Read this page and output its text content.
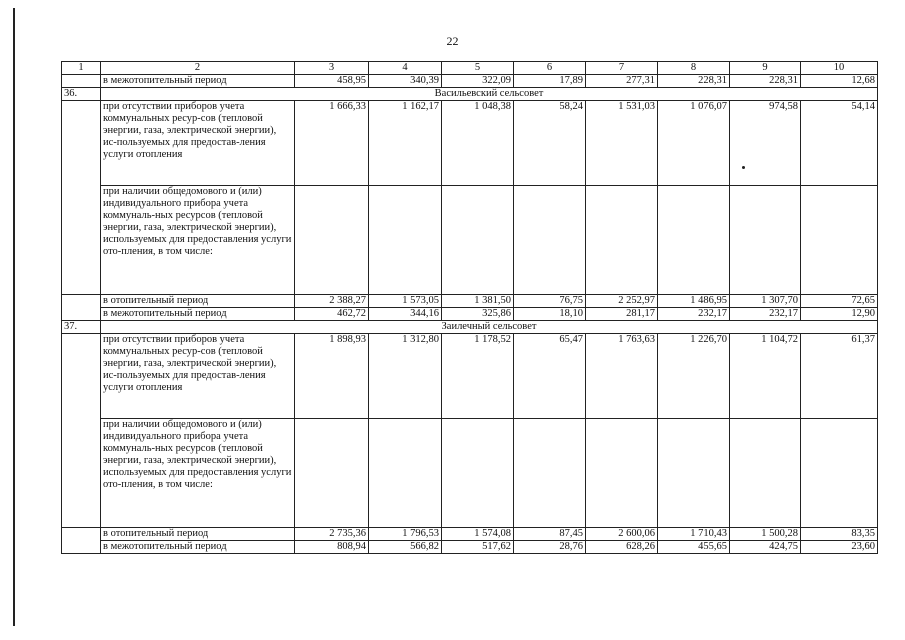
22
1	2	3	4	5	6	7	8	9	10
	в межотопительный период	458,95	340,39	322,09	17,89	277,31	228,31	228,31	12,68
36.	Васильевский сельсовет								
	при отсутствии приборов учета коммунальных ресур-сов (тепловой энергии, газа, электрической энергии), ис-пользуемых для предостав-ления услуги отопления	1 666,33	1 162,17	1 048,38	58,24	1 531,03	1 076,07	974,58	54,14
	при наличии общедомового и (или) индивидуального прибора учета коммуналь-ных ресурсов (тепловой энергии, газа, электрической энергии), используемых для предоставления услуги ото-пления, в том числе:								
	в отопительный период	2 388,27	1 573,05	1 381,50	76,75	2 252,97	1 486,95	1 307,70	72,65
	в межотопительный период	462,72	344,16	325,86	18,10	281,17	232,17	232,17	12,90
37.	Заилечный сельсовет								
	при отсутствии приборов учета коммунальных ресур-сов (тепловой энергии, газа, электрической энергии), ис-пользуемых для предостав-ления услуги отопления	1 898,93	1 312,80	1 178,52	65,47	1 763,63	1 226,70	1 104,72	61,37
	при наличии общедомового и (или) индивидуального прибора учета коммуналь-ных ресурсов (тепловой энергии, газа, электрической энергии), используемых для предоставления услуги ото-пления, в том числе:								
	в отопительный период	2 735,36	1 796,53	1 574,08	87,45	2 600,06	1 710,43	1 500,28	83,35
	в межотопительный период	808,94	566,82	517,62	28,76	628,26	455,65	424,75	23,60
